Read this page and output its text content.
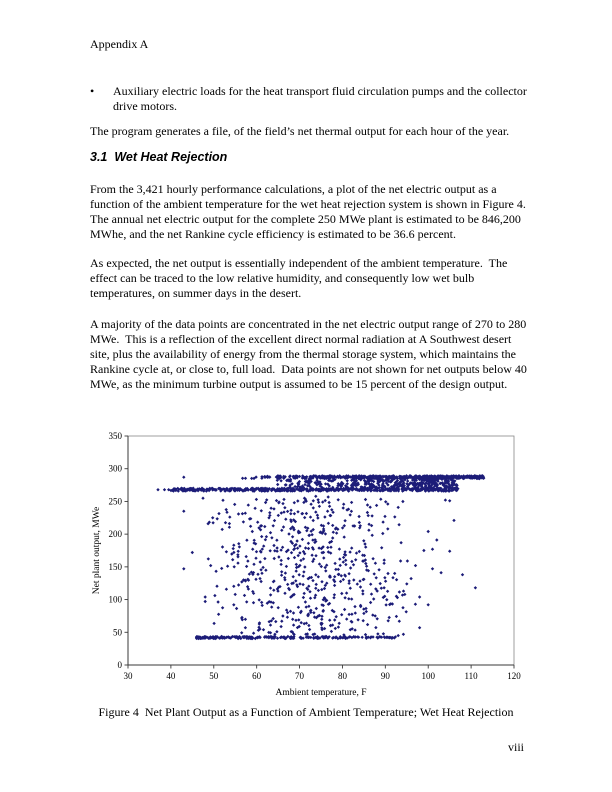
Appendix A
•	Auxiliary electric loads for the heat transport fluid circulation pumps and the collector drive motors.

The program generates a file, of the field’s net thermal output for each hour of the year.

3.1  Wet Heat Rejection

From the 3,421 hourly performance calculations, a plot of the net electric output as a function of the ambient temperature for the wet heat rejection system is shown in Figure 4.  The annual net electric output for the complete 250 MWe plant is estimated to be 846,200 MWhe, and the net Rankine cycle efficiency is estimated to be 36.6 percent.

As expected, the net output is essentially independent of the ambient temperature.  The effect can be traced to the low relative humidity, and consequently low wet bulb temperatures, on summer days in the desert.

A majority of the data points are concentrated in the net electric output range of 270 to 280 MWe.  This is a reflection of the excellent direct normal radiation at A Southwest desert site, plus the availability of energy from the thermal storage system, which maintains the Rankine cycle at, or close to, full load.  Data points are not shown for net outputs below 40 MWe, as the minimum turbine output is assumed to be 15 percent of the design output.

30	40	50	60	70	80	90	100	110	120
0
50
100
150
200
250
300
350
Ambient temperature, F
Net plant output, MWe
Figure 4  Net Plant Output as a Function of Ambient Temperature; Wet Heat Rejection
viii
